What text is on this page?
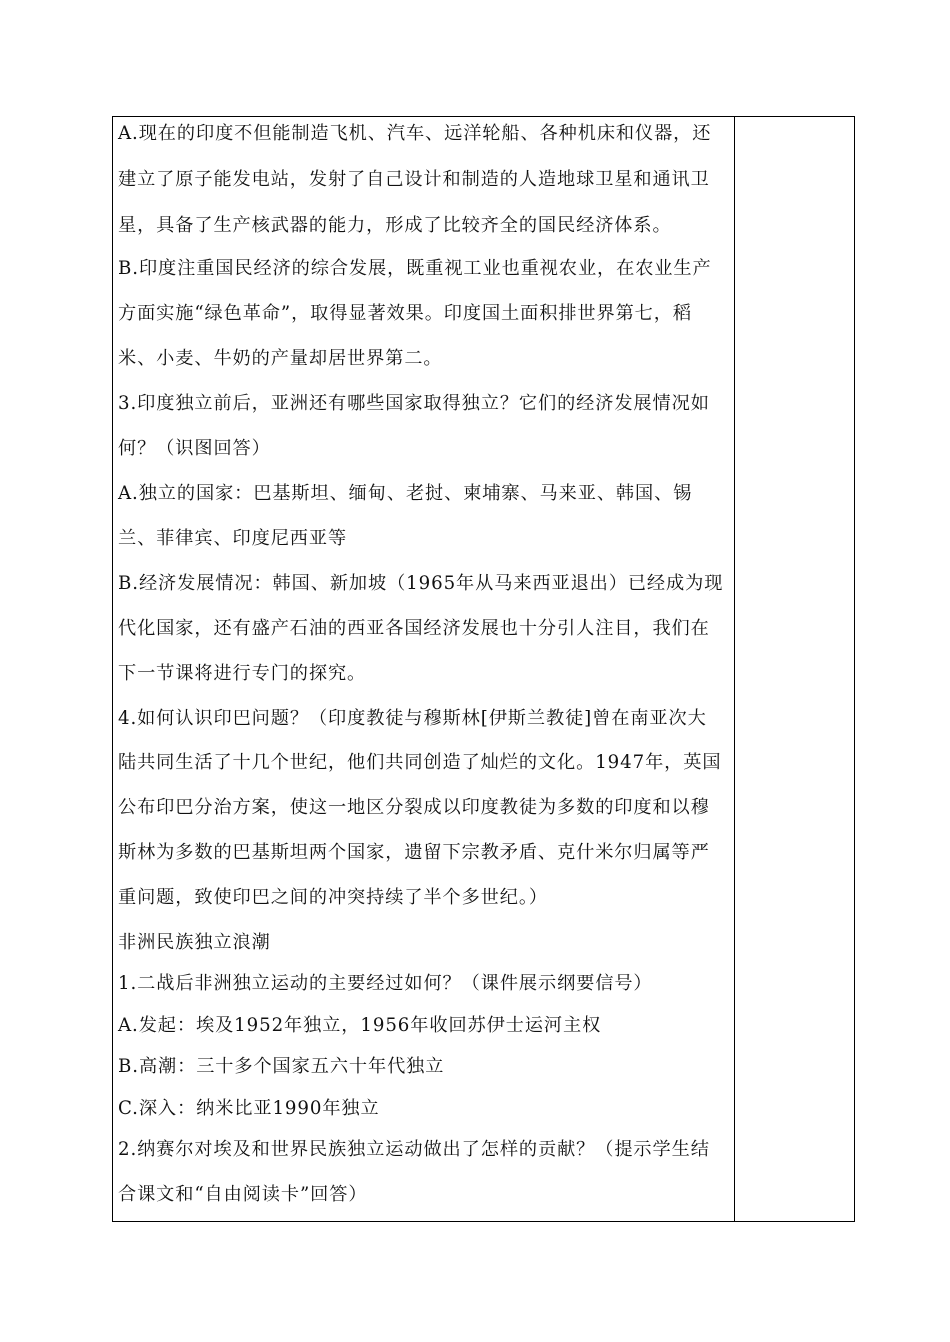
A.现在的印度不但能制造飞机、汽车、远洋轮船、各种机床和仪器，还
建立了原子能发电站，发射了自己设计和制造的人造地球卫星和通讯卫
星，具备了生产核武器的能力，形成了比较齐全的国民经济体系。
B.印度注重国民经济的综合发展，既重视工业也重视农业，在农业生产
方面实施“绿色革命”，取得显著效果。印度国土面积排世界第七，稻
米、小麦、牛奶的产量却居世界第二。
3.印度独立前后，亚洲还有哪些国家取得独立？它们的经济发展情况如
何？（识图回答）
A.独立的国家：巴基斯坦、缅甸、老挝、柬埔寨、马来亚、韩国、锡
兰、菲律宾、印度尼西亚等
B.经济发展情况：韩国、新加坡（1965年从马来西亚退出）已经成为现
代化国家，还有盛产石油的西亚各国经济发展也十分引人注目，我们在
下一节课将进行专门的探究。
4.如何认识印巴问题？（印度教徒与穆斯林[伊斯兰教徒]曾在南亚次大
陆共同生活了十几个世纪，他们共同创造了灿烂的文化。1947年，英国
公布印巴分治方案，使这一地区分裂成以印度教徒为多数的印度和以穆
斯林为多数的巴基斯坦两个国家，遗留下宗教矛盾、克什米尔归属等严
重问题，致使印巴之间的冲突持续了半个多世纪。）
非洲民族独立浪潮
1.二战后非洲独立运动的主要经过如何？（课件展示纲要信号）
A.发起：埃及1952年独立，1956年收回苏伊士运河主权
B.高潮：三十多个国家五六十年代独立
C.深入：纳米比亚1990年独立
2.纳赛尔对埃及和世界民族独立运动做出了怎样的贡献？（提示学生结
合课文和“自由阅读卡”回答）
